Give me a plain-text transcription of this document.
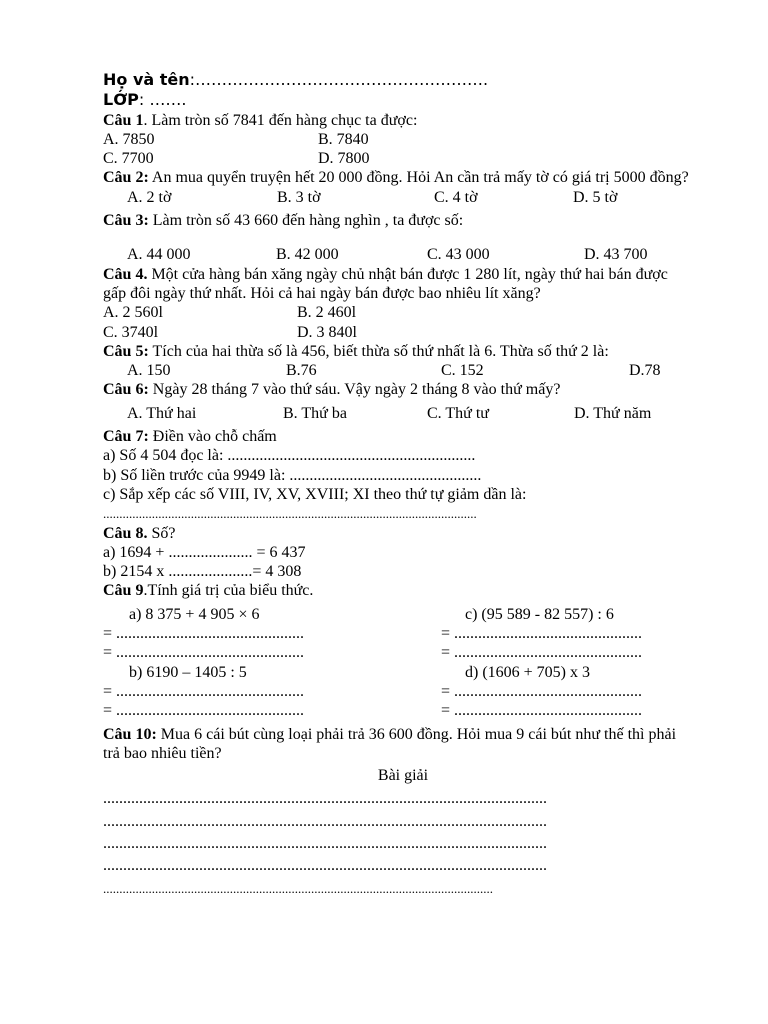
Họ và tên:……………………………………………….
LỚP: …….
Câu 1. Làm tròn số 7841 đến hàng chục ta được:
A. 7850	B. 7840
C. 7700	D. 7800
Câu 2: An mua quyển truyện hết 20 000 đồng. Hỏi An cần trả mấy tờ có giá trị 5000 đồng?
A. 2 tờ	B. 3 tờ	C. 4 tờ	D. 5 tờ
Câu 3: Làm tròn số 43 660 đến hàng nghìn , ta được số:
A. 44 000	B. 42 000	C. 43 000	D. 43 700
Câu 4. Một cửa hàng bán xăng ngày chủ nhật bán được 1 280 lít, ngày thứ hai bán được gấp đôi ngày thứ nhất. Hỏi cả hai ngày bán được bao nhiêu lít xăng?
A. 2 560l	B. 2 460l
C. 3740l	D. 3 840l
Câu 5: Tích của hai thừa số là 456, biết thừa số thứ nhất là 6. Thừa số thứ 2 là:
A. 150	B.76	C. 152	D.78
Câu 6: Ngày 28 tháng 7 vào thứ sáu. Vậy ngày 2 tháng 8 vào thứ mấy?
A. Thứ hai	B. Thứ ba	C. Thứ tư	D. Thứ năm
Câu 7: Điền vào chỗ chấm
a) Số 4 504 đọc là: ..............................................................
b) Số liền trước của 9949 là: ................................................
c) Sắp xếp các số VIII, IV, XV, XVIII; XI theo thứ tự giảm dần là:
...................................................................................................................
Câu 8. Số?
a) 1694 + ..................... = 6 437
b) 2154 x .....................= 4 308
Câu 9.Tính giá trị của biểu thức.
a) 8 375 + 4 905 × 6	c) (95 589 - 82 557) : 6
= ...............................................	= ...............................................
= ...............................................	= ...............................................
b) 6190 – 1405 : 5	d) (1606 + 705) x 3
= ...............................................	= ...............................................
= ...............................................	= ...............................................
Câu 10: Mua 6 cái bút cùng loại phải trả 36 600 đồng. Hỏi mua 9 cái bút như thế thì phải trả bao nhiêu tiền?
Bài giải
...............................................................................................................
...............................................................................................................
...............................................................................................................
...............................................................................................................
........................................................................................................................
